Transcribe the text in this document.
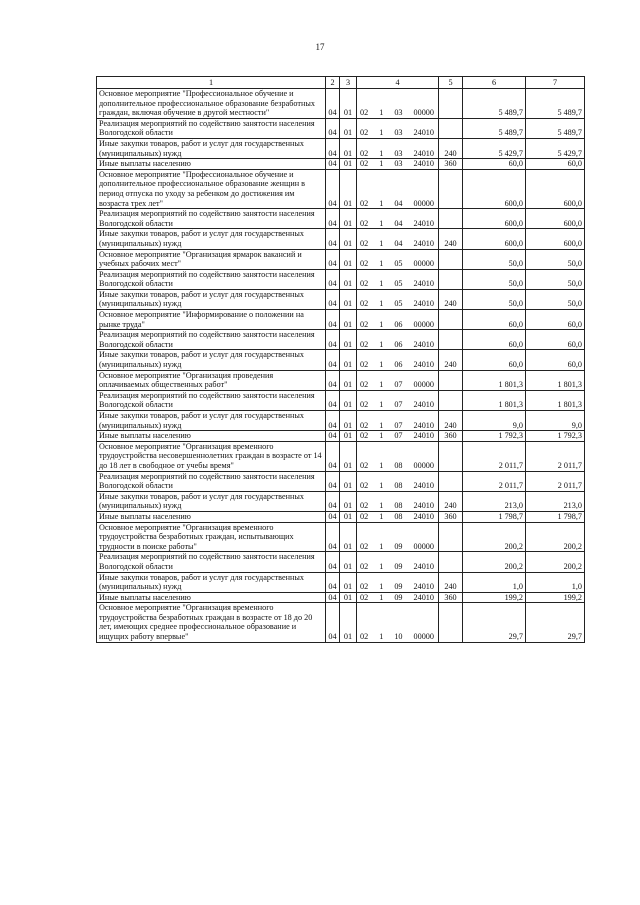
17
1	2	3	4	5	6	7
Основное мероприятие "Профессиональное обучение и дополнительное профессиональное образование безработных граждан, включая обучение в другой местности"	04	01	02 1 03 00000		5 489,7	5 489,7
Реализация мероприятий по содействию занятости населения Вологодской области	04	01	02 1 03 24010		5 489,7	5 489,7
Иные закупки товаров, работ и услуг для государственных (муниципальных) нужд	04	01	02 1 03 24010	240	5 429,7	5 429,7
Иные выплаты населению	04	01	02 1 03 24010	360	60,0	60,0
Основное мероприятие "Профессиональное обучение и дополнительное профессиональное образование женщин в период отпуска по уходу за ребенком до достижения им возраста трех лет"	04	01	02 1 04 00000		600,0	600,0
Реализация мероприятий по содействию занятости населения Вологодской области	04	01	02 1 04 24010		600,0	600,0
Иные закупки товаров, работ и услуг для государственных (муниципальных) нужд	04	01	02 1 04 24010	240	600,0	600,0
Основное мероприятие "Организация ярмарок вакансий и учебных рабочих мест"	04	01	02 1 05 00000		50,0	50,0
Реализация мероприятий по содействию занятости населения Вологодской области	04	01	02 1 05 24010		50,0	50,0
Иные закупки товаров, работ и услуг для государственных (муниципальных) нужд	04	01	02 1 05 24010	240	50,0	50,0
Основное мероприятие "Информирование о положении на рынке труда"	04	01	02 1 06 00000		60,0	60,0
Реализация мероприятий по содействию занятости населения Вологодской области	04	01	02 1 06 24010		60,0	60,0
Иные закупки товаров, работ и услуг для государственных (муниципальных) нужд	04	01	02 1 06 24010	240	60,0	60,0
Основное мероприятие "Организация проведения оплачиваемых общественных работ"	04	01	02 1 07 00000		1 801,3	1 801,3
Реализация мероприятий по содействию занятости населения Вологодской области	04	01	02 1 07 24010		1 801,3	1 801,3
Иные закупки товаров, работ и услуг для государственных (муниципальных) нужд	04	01	02 1 07 24010	240	9,0	9,0
Иные выплаты населению	04	01	02 1 07 24010	360	1 792,3	1 792,3
Основное мероприятие "Организация временного трудоустройства несовершеннолетних граждан в возрасте от 14 до 18 лет в свободное от учебы время"	04	01	02 1 08 00000		2 011,7	2 011,7
Реализация мероприятий по содействию занятости населения Вологодской области	04	01	02 1 08 24010		2 011,7	2 011,7
Иные закупки товаров, работ и услуг для государственных (муниципальных) нужд	04	01	02 1 08 24010	240	213,0	213,0
Иные выплаты населению	04	01	02 1 08 24010	360	1 798,7	1 798,7
Основное мероприятие "Организация временного трудоустройства безработных граждан, испытывающих трудности в поиске работы"	04	01	02 1 09 00000		200,2	200,2
Реализация мероприятий по содействию занятости населения Вологодской области	04	01	02 1 09 24010		200,2	200,2
Иные закупки товаров, работ и услуг для государственных (муниципальных) нужд	04	01	02 1 09 24010	240	1,0	1,0
Иные выплаты населению	04	01	02 1 09 24010	360	199,2	199,2
Основное мероприятие "Организация временного трудоустройства безработных граждан в возрасте от 18 до 20 лет, имеющих среднее профессиональное образование и ищущих работу впервые"	04	01	02 1 10 00000		29,7	29,7
